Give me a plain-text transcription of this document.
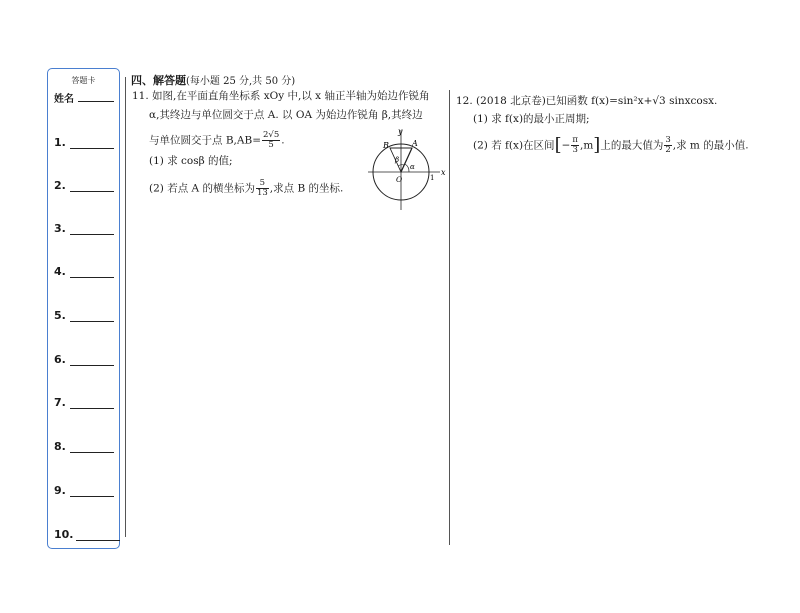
答题卡
姓名
1.
2.
3.
4.
5.
6.
7.
8.
9.
10.
四、解答题(每小题 25 分,共 50 分)
11. 如图,在平面直角坐标系 xOy 中,以 x 轴正半轴为始边作锐角
α,其终边与单位圆交于点 A. 以 OA 为始边作锐角 β,其终边
与单位圆交于点 $B,AB= \frac{2√5}{5}$ .
(1) 求 cosβ 的值;
(2) 若点 A 的横坐标为 $\frac{5}{13}$ ,求点 B 的坐标.
y
x
O	1
A
B
α
β
12. (2018 北京卷)已知函数 f(x)=sin²x+√3 sinxcosx.
(1) 求 f(x)的最小正周期;
(2) 若 f(x)在区间[− $\frac{\pi}{3} ,m$]上的最大值为 $\frac{3}{2}$ ,求 m 的最小值.
